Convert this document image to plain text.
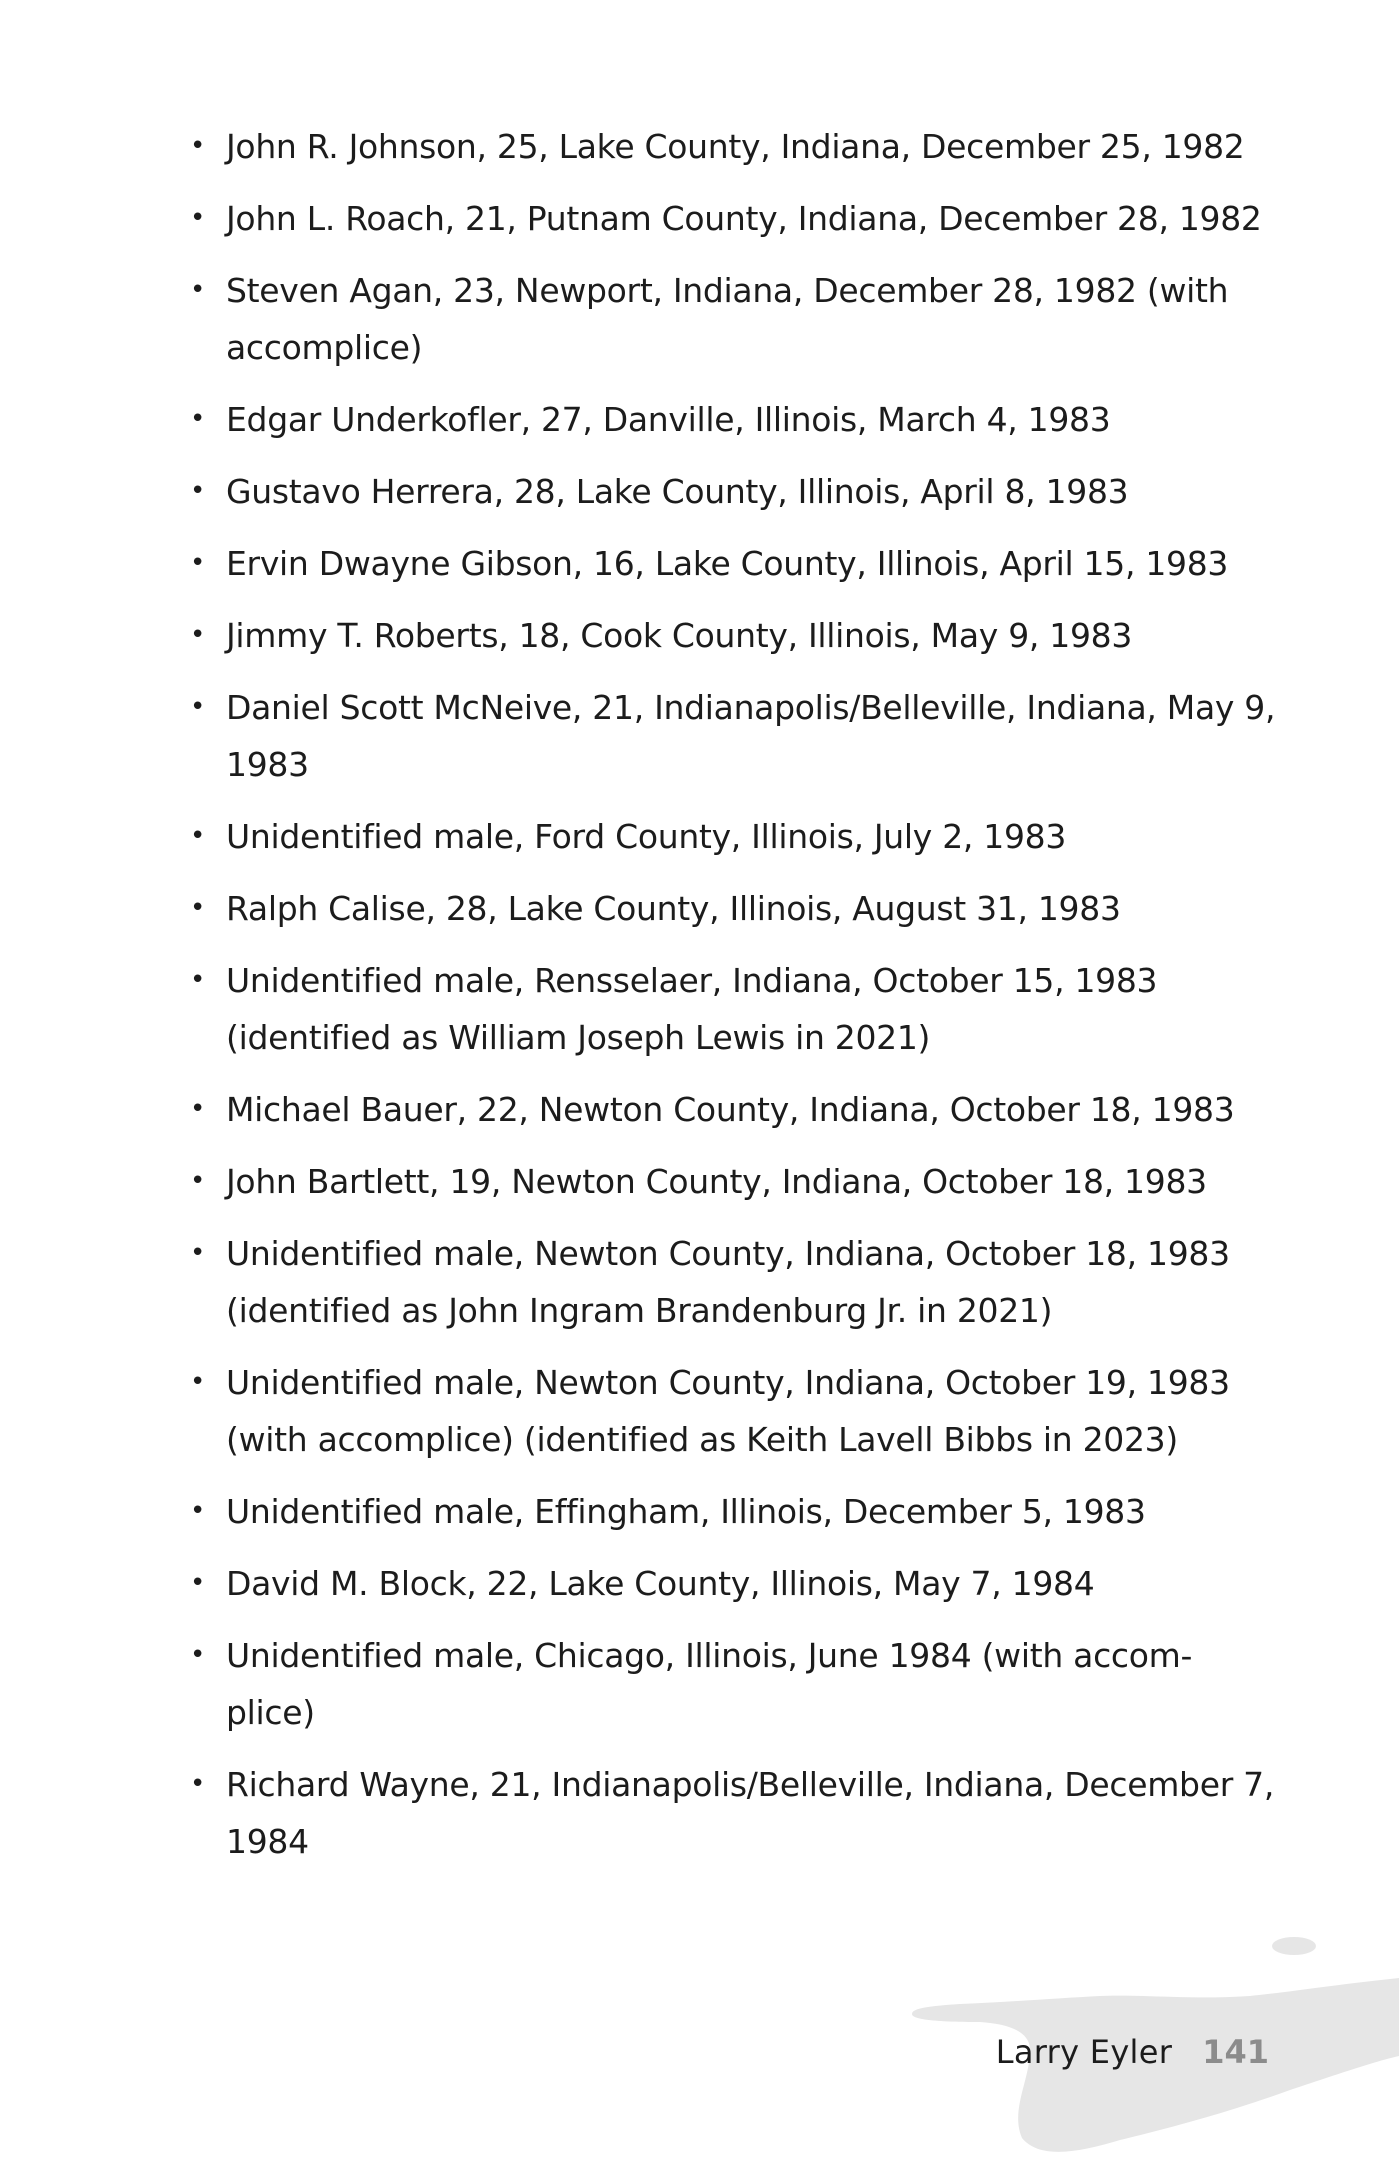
• John R. Johnson, 25, Lake County, Indiana, December 25, 1982
• John L. Roach, 21, Putnam County, Indiana, December 28, 1982
• Steven Agan, 23, Newport, Indiana, December 28, 1982 (with accomplice)
• Edgar Underkofler, 27, Danville, Illinois, March 4, 1983
• Gustavo Herrera, 28, Lake County, Illinois, April 8, 1983
• Ervin Dwayne Gibson, 16, Lake County, Illinois, April 15, 1983
• Jimmy T. Roberts, 18, Cook County, Illinois, May 9, 1983
• Daniel Scott McNeive, 21, Indianapolis/Belleville, Indiana, May 9, 1983
• Unidentified male, Ford County, Illinois, July 2, 1983
• Ralph Calise, 28, Lake County, Illinois, August 31, 1983
• Unidentified male, Rensselaer, Indiana, October 15, 1983 (identified as William Joseph Lewis in 2021)
• Michael Bauer, 22, Newton County, Indiana, October 18, 1983
• John Bartlett, 19, Newton County, Indiana, October 18, 1983
• Unidentified male, Newton County, Indiana, October 18, 1983 (identified as John Ingram Brandenburg Jr. in 2021)
• Unidentified male, Newton County, Indiana, October 19, 1983 (with accomplice) (identified as Keith Lavell Bibbs in 2023)
• Unidentified male, Effingham, Illinois, December 5, 1983
• David M. Block, 22, Lake County, Illinois, May 7, 1984
• Unidentified male, Chicago, Illinois, June 1984 (with accom-plice)
• Richard Wayne, 21, Indianapolis/Belleville, Indiana, December 7, 1984
Larry Eyler 141
